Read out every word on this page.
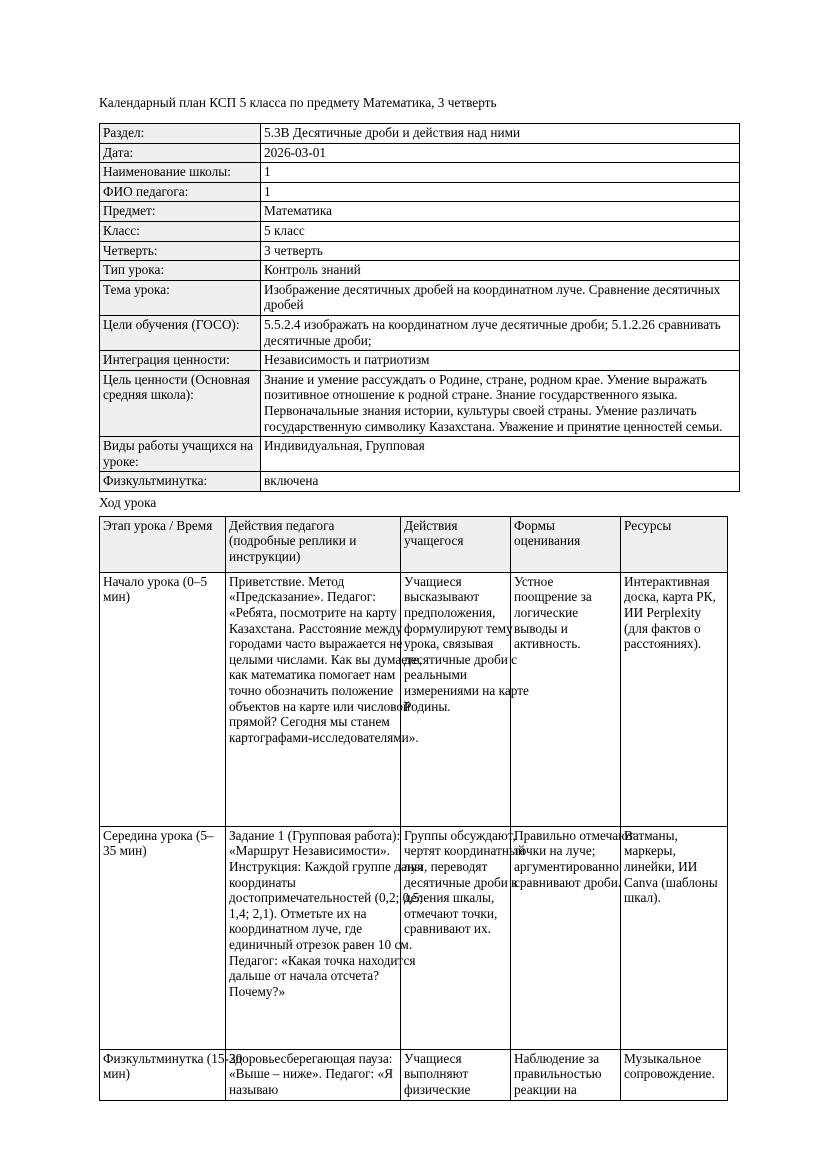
Календарный план КСП 5 класса по предмету Математика, 3 четверть

Раздел:	5.3B Десятичные дроби и действия над ними

Дата:	2026-03-01

Наименование школы:	1

ФИО педагога:	1

Предмет:	Математика

Класс:	5 класс

Четверть:	3 четверть

Тип урока:	Контроль знаний

Тема урока:	Изображение десятичных дробей на координатном луче. Сравнение десятичных дробей

Цели обучения (ГОСО):	5.5.2.4 изображать на координатном луче десятичные дроби; 5.1.2.26 сравнивать десятичные дроби;

Интеграция ценности:	Независимость и патриотизм

Цель ценности (Основная средняя школа):	Знание и умение рассуждать о Родине, стране, родном крае. Умение выражать позитивное отношение к родной стране. Знание государственного языка. Первоначальные знания истории, культуры своей страны. Умение различать государственную символику Казахстана. Уважение и принятие ценностей семьи.

Виды работы учащихся на уроке:	Индивидуальная, Групповая

Физкультминутка:	включена

Ход урока

Этап урока / Время	Действия педагога (подробные реплики и инструкции)	Действия учащегося	Формы оценивания	Ресурсы

Начало урока (0–5 мин)	Приветствие. Метод «Предсказание». Педагог: «Ребята, посмотрите на карту Казахстана. Расстояние между городами часто выражается не целыми числами. Как вы думаете, как математика помогает нам точно обозначить положение объектов на карте или числовой прямой? Сегодня мы станем картографами-исследователями».	Учащиеся высказывают предположения, формулируют тему урока, связывая десятичные дроби с реальными измерениями на карте Родины.	Устное поощрение за логические выводы и активность.	Интерактивная доска, карта РК, ИИ Perplexity (для фактов о расстояниях).

Середина урока (5–35 мин)	Задание 1 (Групповая работа): «Маршрут Независимости». Инструкция: Каждой группе даны координаты достопримечательностей (0,2; 0,5; 1,4; 2,1). Отметьте их на координатном луче, где единичный отрезок равен 10 см. Педагог: «Какая точка находится дальше от начала отсчета? Почему?»	Группы обсуждают, чертят координатный луч, переводят десятичные дроби в деления шкалы, отмечают точки, сравнивают их.	Правильно отмечают точки на луче; аргументированно сравнивают дроби.	Ватманы, маркеры, линейки, ИИ Canva (шаблоны шкал).

Физкультминутка (15-20 мин)	Здоровьесберегающая пауза: «Выше – ниже». Педагог: «Я называю	Учащиеся выполняют физические	Наблюдение за правильностью реакции на	Музыкальное сопровождение.
